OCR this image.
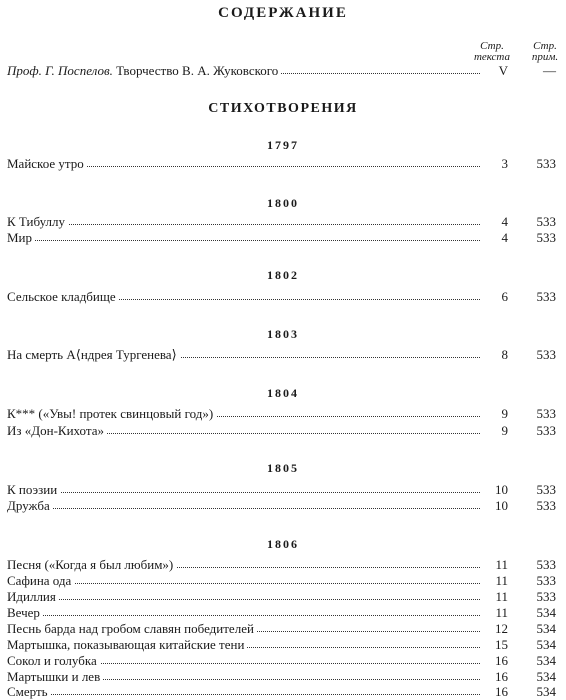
СОДЕРЖАНИЕ
Стр.
текста
Стр.
прим.
Проф. Г. Поспелов. Творчество В. А. Жуковского	V	—
СТИХОТВОРЕНИЯ
1797
Майское утро	3	533
1800
К Тибуллу	4	533
Мир	4	533
1802
Сельское кладбище	6	533
1803
На смерть А⟨ндрея Тургенева⟩	8	533
1804
К*** («Увы! протек свинцовый год»)	9	533
Из «Дон-Кихота»	9	533
1805
К поэзии	10	533
Дружба	10	533
1806
Песня («Когда я был любим»)	11	533
Сафина ода	11	533
Идиллия	11	533
Вечер	11	534
Песнь барда над гробом славян победителей	12	534
Мартышка, показывающая китайские тени	15	534
Сокол и голубка	16	534
Мартышки и лев	16	534
Смерть	16	534
